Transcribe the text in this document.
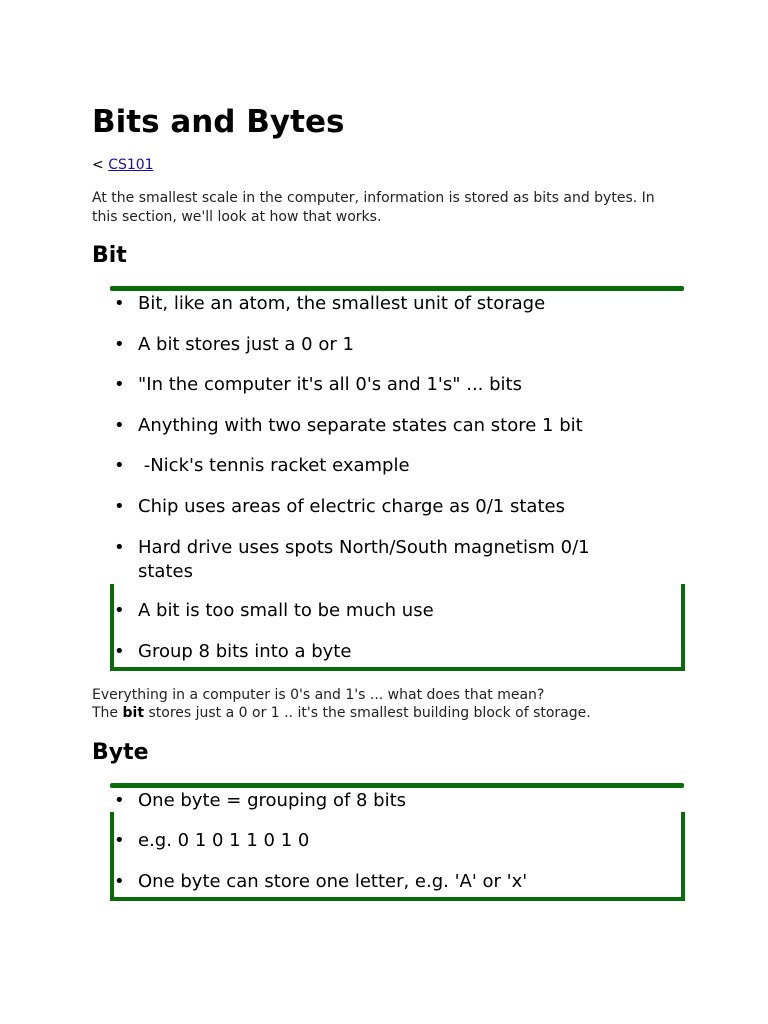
Bits and Bytes
< CS101
At the smallest scale in the computer, information is stored as bits and bytes. In this section, we'll look at how that works.
Bit
• Bit, like an atom, the smallest unit of storage
• A bit stores just a 0 or 1
• "In the computer it's all 0's and 1's" ... bits
• Anything with two separate states can store 1 bit
•  -Nick's tennis racket example
• Chip uses areas of electric charge as 0/1 states
• Hard drive uses spots North/South magnetism 0/1 states
• A bit is too small to be much use
• Group 8 bits into a byte
Everything in a computer is 0's and 1's ... what does that mean?
The bit stores just a 0 or 1 .. it's the smallest building block of storage.
Byte
• One byte = grouping of 8 bits
• e.g. 0 1 0 1 1 0 1 0
• One byte can store one letter, e.g. 'A' or 'x'
